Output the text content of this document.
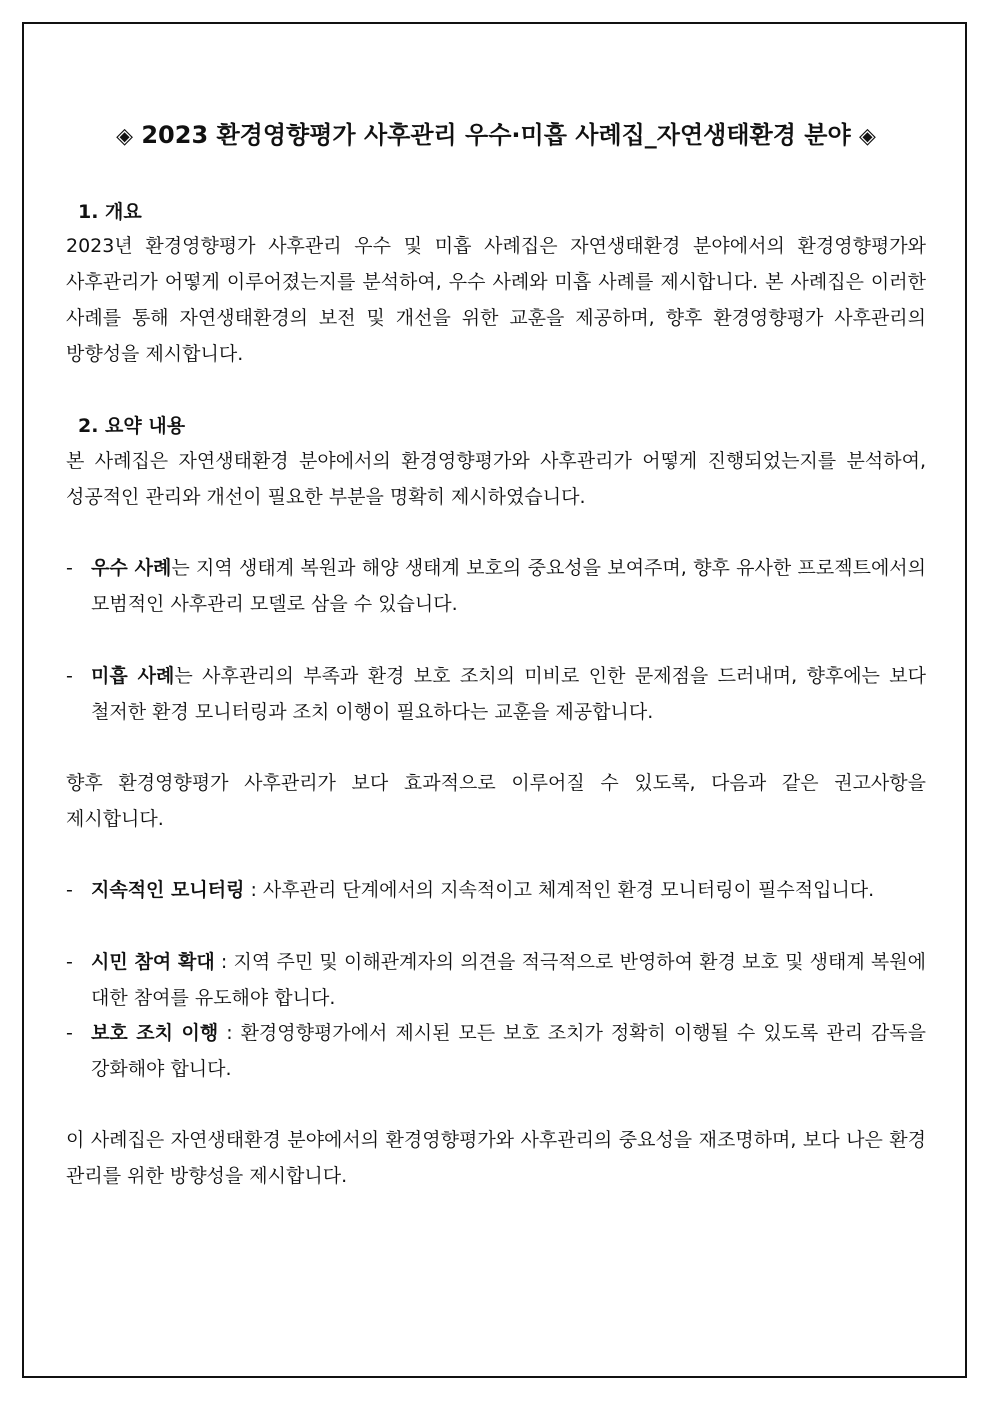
◈ 2023 환경영향평가 사후관리 우수·미흡 사례집_자연생태환경 분야 ◈
1. 개요
2023년 환경영향평가 사후관리 우수 및 미흡 사례집은 자연생태환경 분야에서의 환경영향평가와 사후관리가 어떻게 이루어졌는지를 분석하여, 우수 사례와 미흡 사례를 제시합니다. 본 사례집은 이러한 사례를 통해 자연생태환경의 보전 및 개선을 위한 교훈을 제공하며, 향후 환경영향평가 사후관리의 방향성을 제시합니다.
2. 요약 내용
본 사례집은 자연생태환경 분야에서의 환경영향평가와 사후관리가 어떻게 진행되었는지를 분석하여, 성공적인 관리와 개선이 필요한 부분을 명확히 제시하였습니다.
- 우수 사례는 지역 생태계 복원과 해양 생태계 보호의 중요성을 보여주며, 향후 유사한 프로젝트에서의 모범적인 사후관리 모델로 삼을 수 있습니다.
- 미흡 사례는 사후관리의 부족과 환경 보호 조치의 미비로 인한 문제점을 드러내며, 향후에는 보다 철저한 환경 모니터링과 조치 이행이 필요하다는 교훈을 제공합니다.
향후 환경영향평가 사후관리가 보다 효과적으로 이루어질 수 있도록, 다음과 같은 권고사항을 제시합니다.
- 지속적인 모니터링 : 사후관리 단계에서의 지속적이고 체계적인 환경 모니터링이 필수적입니다.
- 시민 참여 확대 : 지역 주민 및 이해관계자의 의견을 적극적으로 반영하여 환경 보호 및 생태계 복원에 대한 참여를 유도해야 합니다.
- 보호 조치 이행 : 환경영향평가에서 제시된 모든 보호 조치가 정확히 이행될 수 있도록 관리 감독을 강화해야 합니다.
이 사례집은 자연생태환경 분야에서의 환경영향평가와 사후관리의 중요성을 재조명하며, 보다 나은 환경 관리를 위한 방향성을 제시합니다.
